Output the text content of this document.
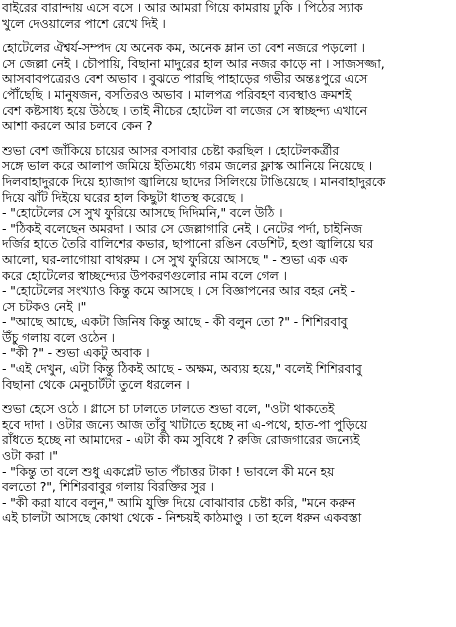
বাইরের বারান্দায় এসে বসে । আর আমরা গিয়ে কামরায় ঢুকি । পিঠের স্যাক
খুলে দেওয়ালের পাশে রেখে দিই ।
হোটেলের ঐশ্বর্য-সম্পদ যে অনেক কম, অনেক ম্লান তা বেশ নজরে পড়লো ।
সে জেল্লা নেই । চৌপায়ি, বিছানা মাদুরের হাল আর নজর কাড়ে না । সাজসজ্জা,
আসবাবপত্রেরও বেশ অভাব । বুঝতে পারছি পাহাড়ের গভীর অন্তঃপুরে এসে
পৌঁছেছি । মানুষজন, বসতিরও অভাব । মালপত্র পরিবহণ ব্যবস্থাও ক্রমশই
বেশ কষ্টসাধ্য হয়ে উঠছে । তাই নীচের হোটেল বা লজের সে স্বাচ্ছন্দ্য এখানে
আশা করলে আর চলবে কেন ?
শুভা বেশ জাঁকিয়ে চায়ের আসর বসাবার চেষ্টা করছিল । হোটেলকর্ত্রীর
সঙ্গে ভাল করে আলাপ জমিয়ে ইতিমধ্যে গরম জলের ফ্লাস্ক আনিয়ে নিয়েছে ।
দিলবাহাদুরকে দিয়ে হ্যাজাগ জ্বালিয়ে ছাদের সিলিংয়ে টাঙিয়েছে । মানবাহাদুরকে
দিয়ে ঝাঁট দিইয়ে ঘরের হাল কিছুটা ধাতস্থ করেছে ।
- "হোটেলের সে সুখ ফুরিয়ে আসছে দিদিমনি," বলে উঠি ।
- "ঠিকই বলেছেন অমরদা । আর সে জেল্লাগারি নেই । নেটের পর্দা, চাইনিজ
দর্জির হাতে তৈরি বালিশের কভার, ছাপানো রঙিন বেডশিট, হণ্ডা জ্বালিয়ে ঘর
আলো, ঘর-লাগোয়া বাথরুম । সে সুখ ফুরিয়ে আসছে " - শুভা এক এক
করে হোটেলের স্বাচ্ছন্দ্যের উপকরণগুলোর নাম বলে গেল ।
- "হোটেলের সংখ্যাও কিন্তু কমে আসছে । সে বিজ্ঞাপনের আর বহর নেই -
সে চটকও নেই ।"
- "আছে আছে, একটা জিনিষ কিন্তু আছে - কী বলুন তো ?" - শিশিরবাবু
উঁচু গলায় বলে ওঠেন ।
- "কী ?" - শুভা একটু অবাক ।
- "এই দেখুন, এটা কিন্তু ঠিকই আছে - অক্ষম, অব্যয় হয়ে," বলেই শিশিরবাবু
বিছানা থেকে মেনুচার্টটা তুলে ধরলেন ।
শুভা হেসে ওঠে । গ্লাসে চা ঢালতে ঢালতে শুভা বলে, "ওটা থাকতেই
হবে দাদা । ওটার জন্যে আজ তাঁবু খাটাতে হচ্ছে না এ-পথে, হাত-পা পুড়িয়ে
রাঁধতে হচ্ছে না আমাদের - এটা কী কম সুবিধে ? রুজি রোজগারের জন্যেই
ওটা করা ।"
- "কিন্তু তা বলে শুধু একপ্লেট ভাত পঁচাত্তর টাকা ! ভাবলে কী মনে হয়
বলতো ?", শিশিরবাবুর গলায় বিরক্তির সুর ।
- "কী করা যাবে বলুন," আমি যুক্তি দিয়ে বোঝাবার চেষ্টা করি, "মনে করুন
এই চালটা আসছে কোথা থেকে - নিশ্চয়ই কাঠমাণ্ডু । তা হলে ধরুন একবস্তা
